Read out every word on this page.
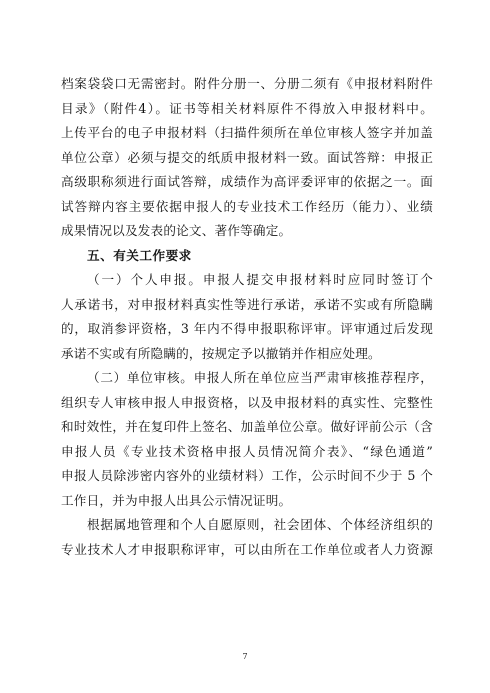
档案袋袋口无需密封。附件分册一、分册二须有《申报材料附件
目录》（附件4）。证书等相关材料原件不得放入申报材料中。
上传平台的电子申报材料（扫描件须所在单位审核人签字并加盖
单位公章）必须与提交的纸质申报材料一致。面试答辩：申报正
高级职称须进行面试答辩，成绩作为高评委评审的依据之一。面
试答辩内容主要依据申报人的专业技术工作经历（能力）、业绩
成果情况以及发表的论文、著作等确定。
五、有关工作要求
（一）个人申报。申报人提交申报材料时应同时签订个
人承诺书，对申报材料真实性等进行承诺，承诺不实或有所隐瞒
的，取消参评资格，3 年内不得申报职称评审。评审通过后发现
承诺不实或有所隐瞒的，按规定予以撤销并作相应处理。
（二）单位审核。申报人所在单位应当严肃审核推荐程序，
组织专人审核申报人申报资格，以及申报材料的真实性、完整性
和时效性，并在复印件上签名、加盖单位公章。做好评前公示（含
申报人员《专业技术资格申报人员情况简介表》、“绿色通道”
申报人员除涉密内容外的业绩材料）工作，公示时间不少于 5 个
工作日，并为申报人出具公示情况证明。
根据属地管理和个人自愿原则，社会团体、个体经济组织的
专业技术人才申报职称评审，可以由所在工作单位或者人力资源
7
